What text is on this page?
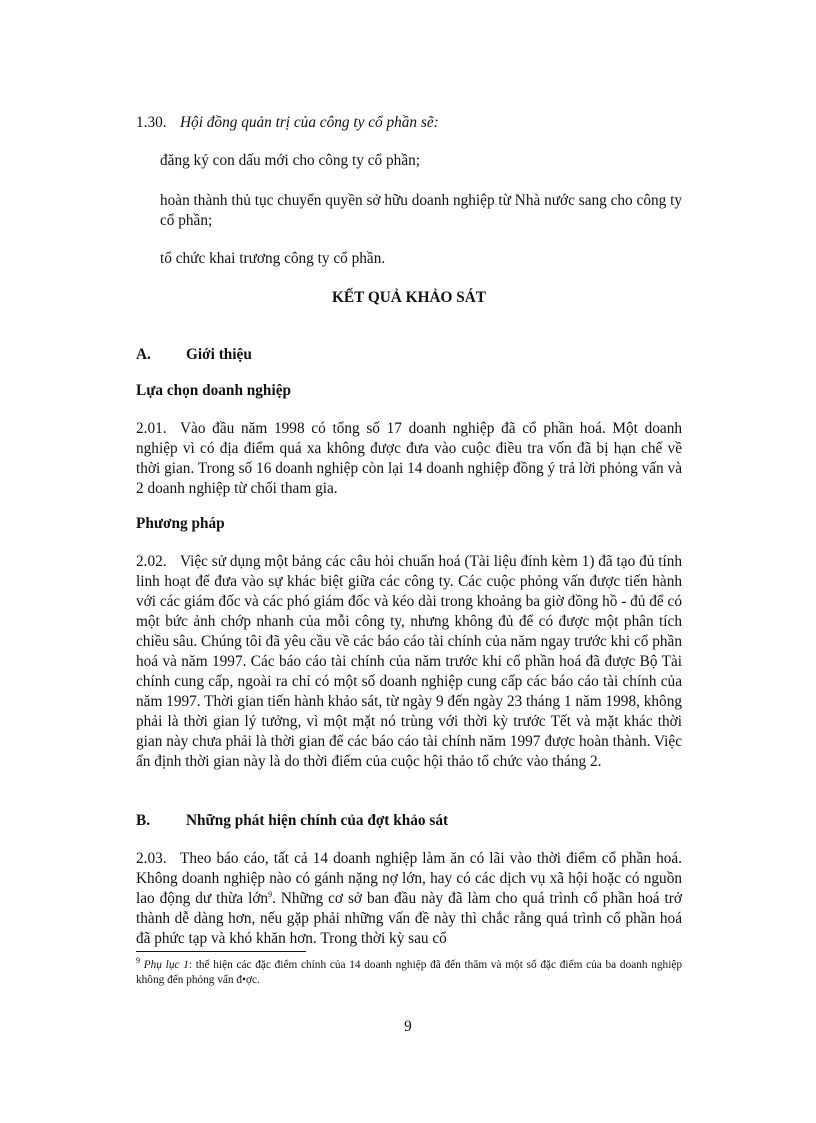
1.30. Hội đồng quản trị của công ty cổ phần sẽ:
đăng ký con dấu mới cho công ty cổ phần;
hoàn thành thủ tục chuyển quyền sở hữu doanh nghiệp từ Nhà nước sang cho công ty cổ phần;
tổ chức khai trương công ty cổ phần.
KẾT QUẢ KHẢO SÁT
A. Giới thiệu
Lựa chọn doanh nghiệp
2.01. Vào đầu năm 1998 có tổng số 17 doanh nghiệp đã cổ phần hoá. Một doanh nghiệp vì có địa điểm quá xa không được đưa vào cuộc điều tra vốn đã bị hạn chế về thời gian. Trong số 16 doanh nghiệp còn lại 14 doanh nghiệp đồng ý trả lời phỏng vấn và 2 doanh nghiệp từ chối tham gia.
Phương pháp
2.02. Việc sử dụng một bảng các câu hỏi chuẩn hoá (Tài liệu đính kèm 1) đã tạo đủ tính linh hoạt để đưa vào sự khác biệt giữa các công ty. Các cuộc phỏng vấn được tiến hành với các giám đốc và các phó giám đốc và kéo dài trong khoảng ba giờ đồng hồ - đủ để có một bức ảnh chớp nhanh của mỗi công ty, nhưng không đủ để có được một phân tích chiều sâu. Chúng tôi đã yêu cầu về các báo cáo tài chính của năm ngay trước khi cổ phần hoá và năm 1997. Các báo cáo tài chính của năm trước khi cổ phần hoá đã được Bộ Tài chính cung cấp, ngoài ra chỉ có một số doanh nghiệp cung cấp các báo cáo tài chính của năm 1997. Thời gian tiến hành khảo sát, từ ngày 9 đến ngày 23 tháng 1 năm 1998, không phải là thời gian lý tưởng, vì một mặt nó trùng với thời kỳ trước Tết và mặt khác thời gian này chưa phải là thời gian để các báo cáo tài chính năm 1997 được hoàn thành. Việc ấn định thời gian này là do thời điểm của cuộc hội thảo tổ chức vào tháng 2.
B. Những phát hiện chính của đợt khảo sát
2.03. Theo báo cáo, tất cả 14 doanh nghiệp làm ăn có lãi vào thời điểm cổ phần hoá. Không doanh nghiệp nào có gánh nặng nợ lớn, hay có các dịch vụ xã hội hoặc có nguồn lao động dư thừa lớn$^9$. Những cơ sở ban đầu này đã làm cho quá trình cổ phần hoá trở thành dễ dàng hơn, nếu gặp phải những vấn đề này thì chắc rằng quá trình cổ phần hoá đã phức tạp và khó khăn hơn. Trong thời kỳ sau cổ
$^9$ Phụ lục 1: thể hiện các đặc điểm chính của 14 doanh nghiệp đã đến thăm và một số đặc điểm của ba doanh nghiệp không đến phỏng vấn đ•ợc.
9
